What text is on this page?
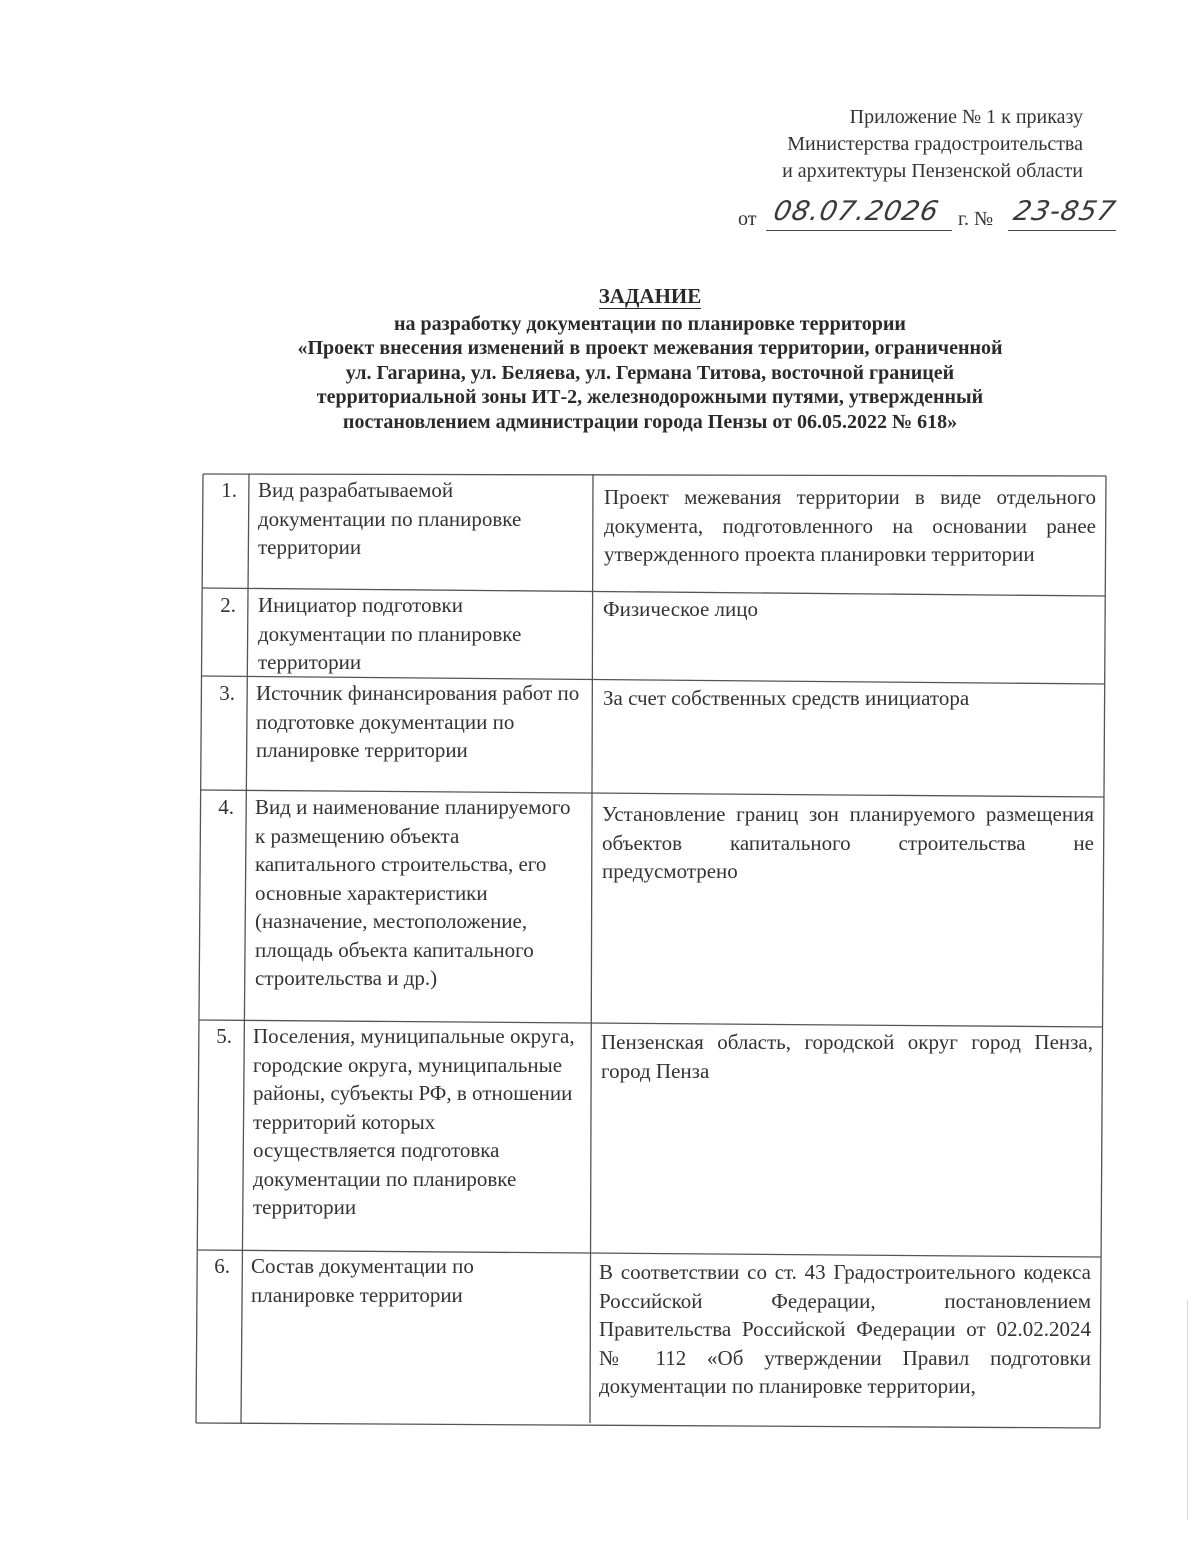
Приложение № 1 к приказу
Министерства градостроительства
и архитектуры Пензенской области
от 08.07.2026 г. № 23-857
ЗАДАНИЕ
на разработку документации по планировке территории
«Проект внесения изменений в проект межевания территории, ограниченной
ул. Гагарина, ул. Беляева, ул. Германа Титова, восточной границей
территориальной зоны ИТ-2, железнодорожными путями, утвержденный
постановлением администрации города Пензы от 06.05.2022 № 618»
1. Вид разрабатываемой документации по планировке территории
Проект межевания территории в виде отдельного документа, подготовленного на основании ранее утвержденного проекта планировки территории
2. Инициатор подготовки документации по планировке территории
Физическое лицо
3. Источник финансирования работ по подготовке документации по планировке территории
За счет собственных средств инициатора
4. Вид и наименование планируемого к размещению объекта капитального строительства, его основные характеристики (назначение, местоположение, площадь объекта капитального строительства и др.)
Установление границ зон планируемого размещения объектов капитального строительства не предусмотрено
5. Поселения, муниципальные округа, городские округа, муниципальные районы, субъекты РФ, в отношении территорий которых осуществляется подготовка документации по планировке территории
Пензенская область, городской округ город Пенза, город Пенза
6. Состав документации по планировке территории
В соответствии со ст. 43 Градостроительного кодекса Российской Федерации, постановлением Правительства Российской Федерации от 02.02.2024 № 112 «Об утверждении Правил подготовки документации по планировке территории,
